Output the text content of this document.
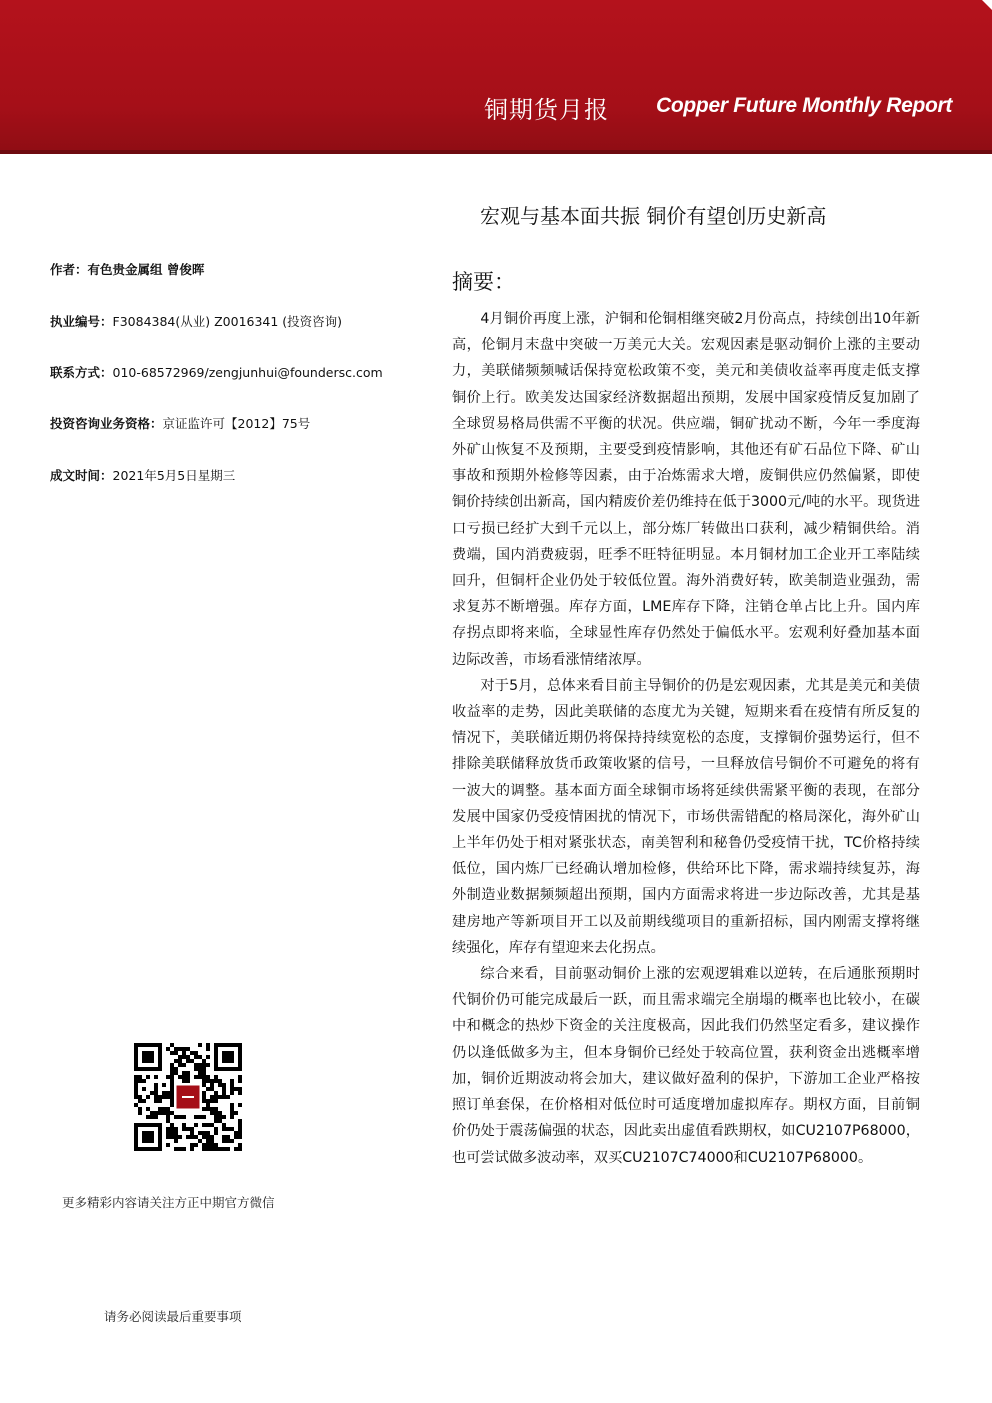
铜期货月报 Copper Future Monthly Report
宏观与基本面共振 铜价有望创历史新高
作者：有色贵金属组 曾俊晖
执业编号：F3084384(从业) Z0016341 (投资咨询)
联系方式：010-68572969/zengjunhui@foundersc.com
投资咨询业务资格：京证监许可【2012】75号
成文时间：2021年5月5日星期三
摘要：

4月铜价再度上涨，沪铜和伦铜相继突破2月份高点，持续创出10年新高，伦铜月末盘中突破一万美元大关。宏观因素是驱动铜价上涨的主要动力，美联储频频喊话保持宽松政策不变，美元和美债收益率再度走低支撑铜价上行。欧美发达国家经济数据超出预期，发展中国家疫情反复加剧了全球贸易格局供需不平衡的状况。供应端，铜矿扰动不断，今年一季度海外矿山恢复不及预期，主要受到疫情影响，其他还有矿石品位下降、矿山事故和预期外检修等因素，由于冶炼需求大增，废铜供应仍然偏紧，即使铜价持续创出新高，国内精废价差仍维持在低于3000元/吨的水平。现货进口亏损已经扩大到千元以上，部分炼厂转做出口获利，减少精铜供给。消费端，国内消费疲弱，旺季不旺特征明显。本月铜材加工企业开工率陆续回升，但铜杆企业仍处于较低位置。海外消费好转，欧美制造业强劲，需求复苏不断增强。库存方面，LME库存下降，注销仓单占比上升。国内库存拐点即将来临，全球显性库存仍然处于偏低水平。宏观利好叠加基本面边际改善，市场看涨情绪浓厚。

对于5月，总体来看目前主导铜价的仍是宏观因素，尤其是美元和美债收益率的走势，因此美联储的态度尤为关键，短期来看在疫情有所反复的情况下，美联储近期仍将保持持续宽松的态度，支撑铜价强势运行，但不排除美联储释放货币政策收紧的信号，一旦释放信号铜价不可避免的将有一波大的调整。基本面方面全球铜市场将延续供需紧平衡的表现，在部分发展中国家仍受疫情困扰的情况下，市场供需错配的格局深化，海外矿山上半年仍处于相对紧张状态，南美智利和秘鲁仍受疫情干扰，TC价格持续低位，国内炼厂已经确认增加检修，供给环比下降，需求端持续复苏，海外制造业数据频频超出预期，国内方面需求将进一步边际改善，尤其是基建房地产等新项目开工以及前期线缆项目的重新招标，国内刚需支撑将继续强化，库存有望迎来去化拐点。

综合来看，目前驱动铜价上涨的宏观逻辑难以逆转，在后通胀预期时代铜价仍可能完成最后一跃，而且需求端完全崩塌的概率也比较小，在碳中和概念的热炒下资金的关注度极高，因此我们仍然坚定看多，建议操作仍以逢低做多为主，但本身铜价已经处于较高位置，获利资金出逃概率增加，铜价近期波动将会加大，建议做好盈利的保护，下游加工企业严格按照订单套保，在价格相对低位时可适度增加虚拟库存。期权方面，目前铜价仍处于震荡偏强的状态，因此卖出虚值看跌期权，如CU2107P68000，也可尝试做多波动率，双买CU2107C74000和CU2107P68000。

更多精彩内容请关注方正中期官方微信
请务必阅读最后重要事项
